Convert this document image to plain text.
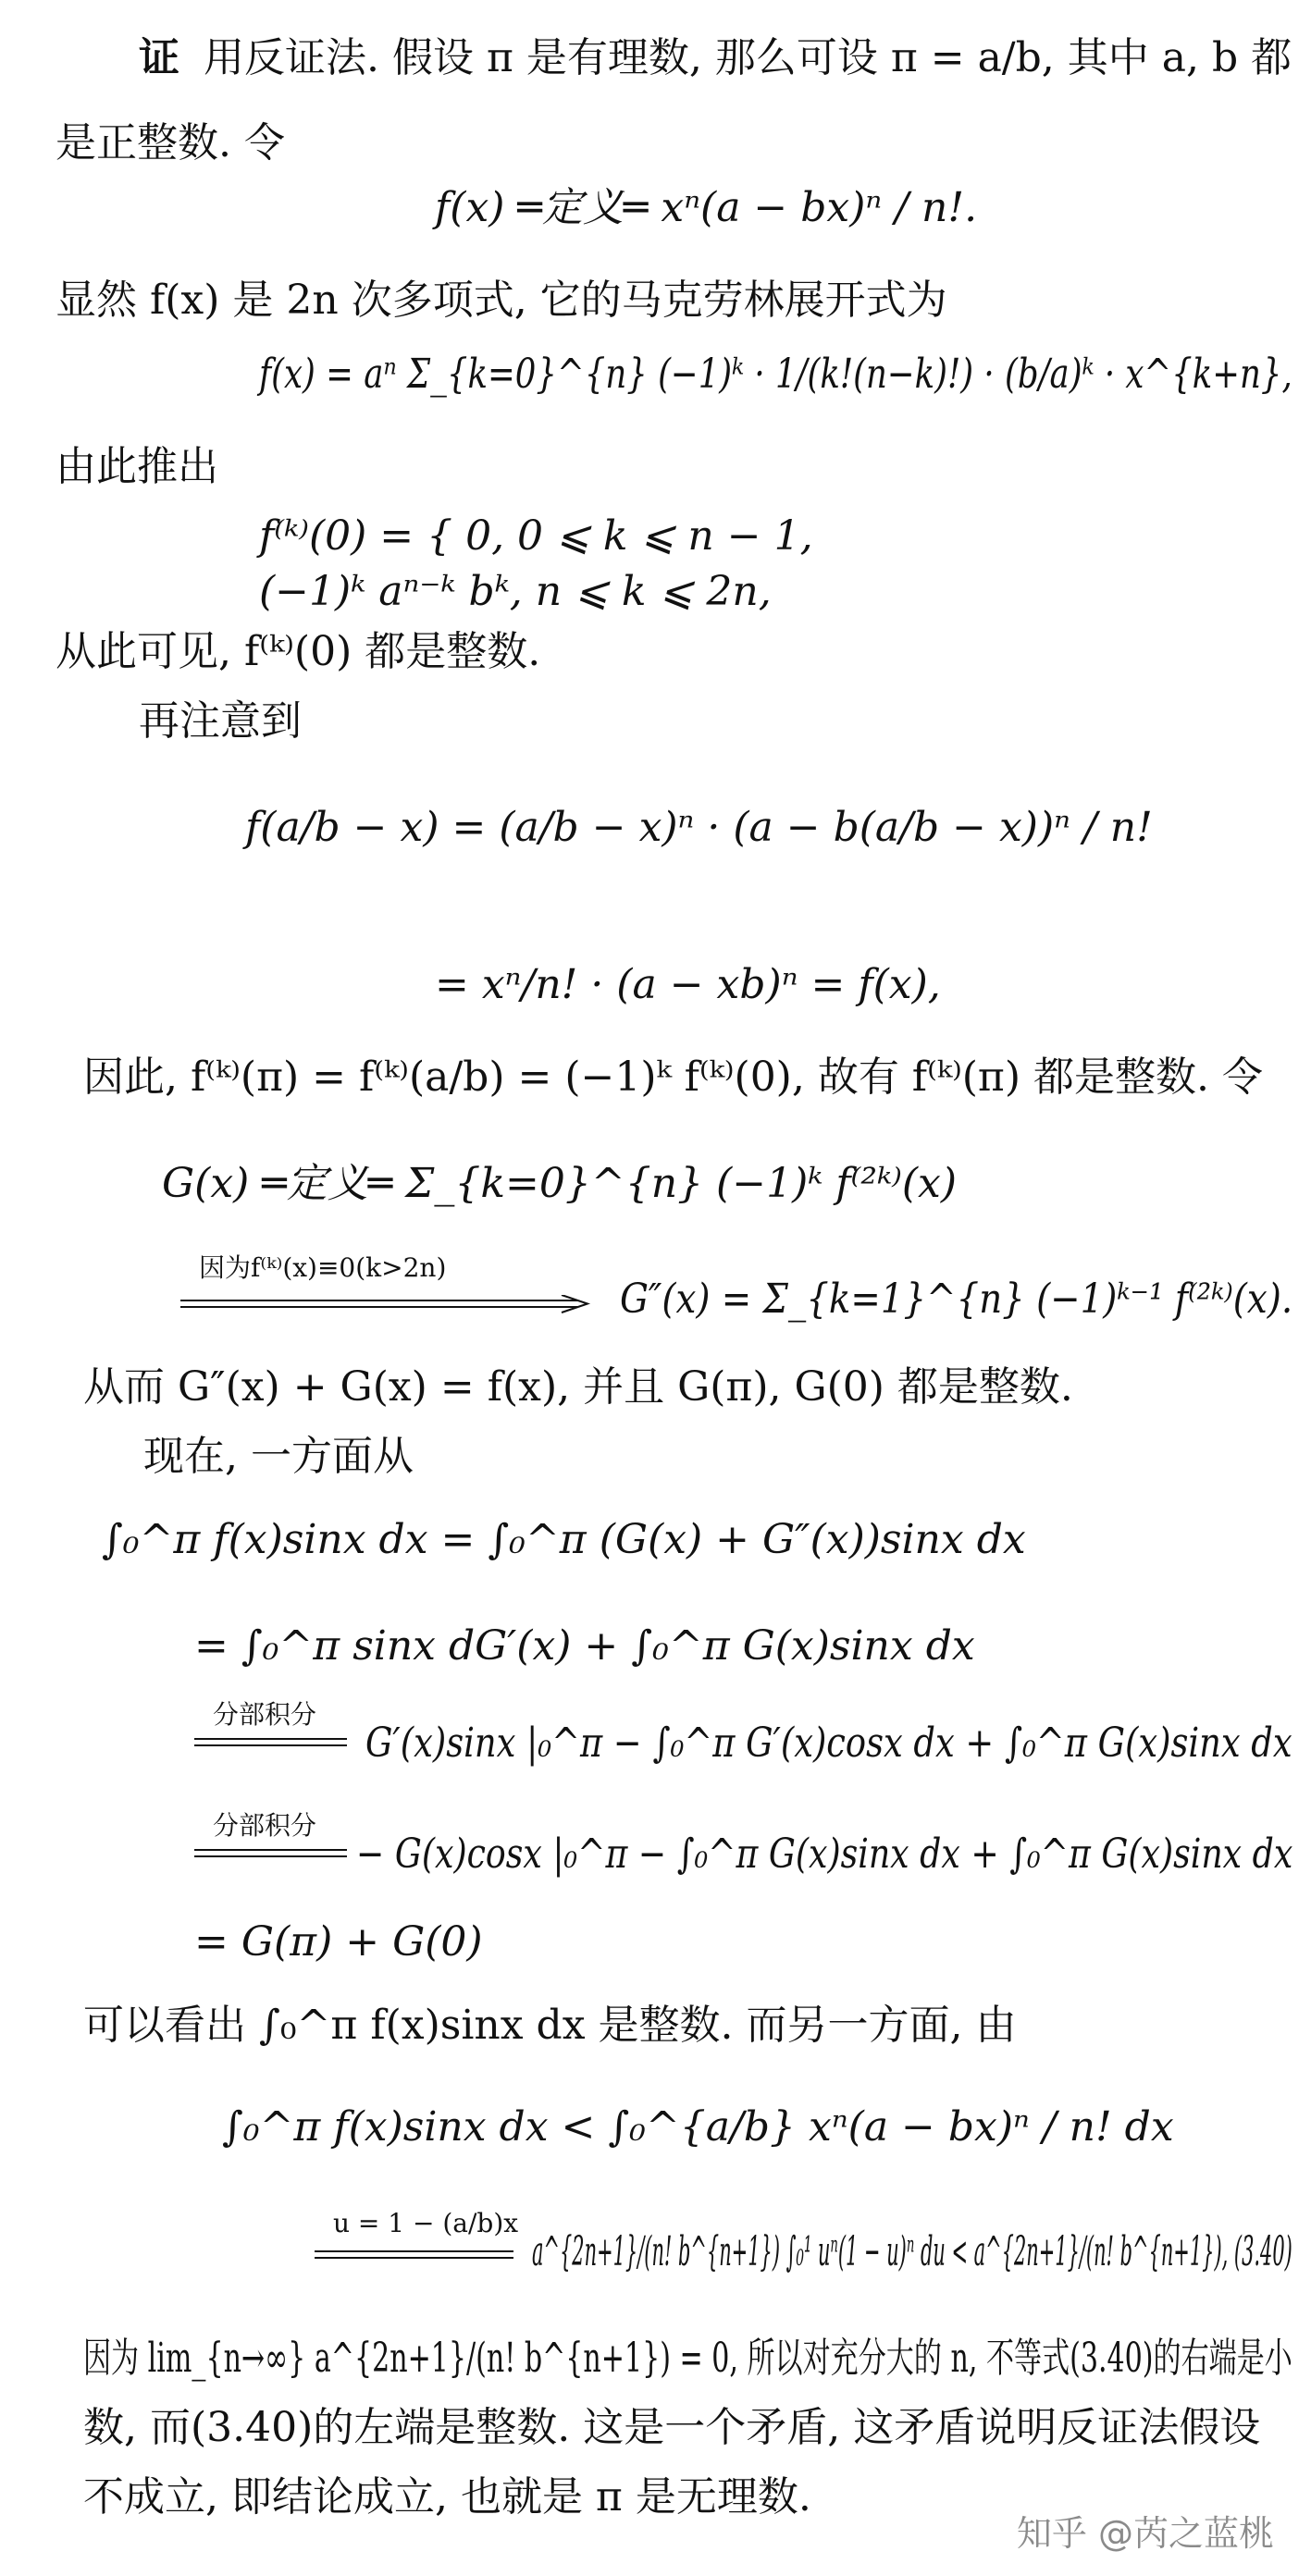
证 用反证法. 假设 π 是有理数, 那么可设 π = a/b, 其中 a, b 都
是正整数. 令
f(x) ═定义═ xⁿ(a − bx)ⁿ / n!.
显然 f(x) 是 2n 次多项式, 它的马克劳林展开式为
f(x) = aⁿ Σ_{k=0}^{n} (−1)ᵏ · 1/(k!(n−k)!) · (b/a)ᵏ · x^{k+n},
由此推出
f⁽ᵏ⁾(0) = { 0, 0 ⩽ k ⩽ n − 1,
(−1)ᵏ aⁿ⁻ᵏ bᵏ, n ⩽ k ⩽ 2n,
从此可见, f⁽ᵏ⁾(0) 都是整数.
再注意到
f(a/b − x) = (a/b − x)ⁿ · (a − b(a/b − x))ⁿ / n!
= xⁿ/n! · (a − xb)ⁿ = f(x),
因此, f⁽ᵏ⁾(π) = f⁽ᵏ⁾(a/b) = (−1)ᵏ f⁽ᵏ⁾(0), 故有 f⁽ᵏ⁾(π) 都是整数. 令
G(x) ═定义═ Σ_{k=0}^{n} (−1)ᵏ f⁽²ᵏ⁾(x)
因为f⁽ᵏ⁾(x)≡0(k>2n)
G″(x) = Σ_{k=1}^{n} (−1)ᵏ⁻¹ f⁽²ᵏ⁾(x).
从而 G″(x) + G(x) = f(x), 并且 G(π), G(0) 都是整数.
现在, 一方面从
∫₀^π f(x)sinx dx = ∫₀^π (G(x) + G″(x))sinx dx
= ∫₀^π sinx dG′(x) + ∫₀^π G(x)sinx dx
分部积分
G′(x)sinx |₀^π − ∫₀^π G′(x)cosx dx + ∫₀^π G(x)sinx dx
分部积分
− G(x)cosx |₀^π − ∫₀^π G(x)sinx dx + ∫₀^π G(x)sinx dx
= G(π) + G(0)
可以看出 ∫₀^π f(x)sinx dx 是整数. 而另一方面, 由
∫₀^π f(x)sinx dx < ∫₀^{a/b} xⁿ(a − bx)ⁿ / n! dx
u = 1 − (a/b)x
a^{2n+1}/(n! b^{n+1}) ∫₀¹ uⁿ(1 − u)ⁿ du < a^{2n+1}/(n! b^{n+1}), (3.40)
因为 lim_{n→∞} a^{2n+1}/(n! b^{n+1}) = 0, 所以对充分大的 n, 不等式(3.40)的右端是小
数, 而(3.40)的左端是整数. 这是一个矛盾, 这矛盾说明反证法假设
不成立, 即结论成立, 也就是 π 是无理数.
知乎 @芮之蓝桃
